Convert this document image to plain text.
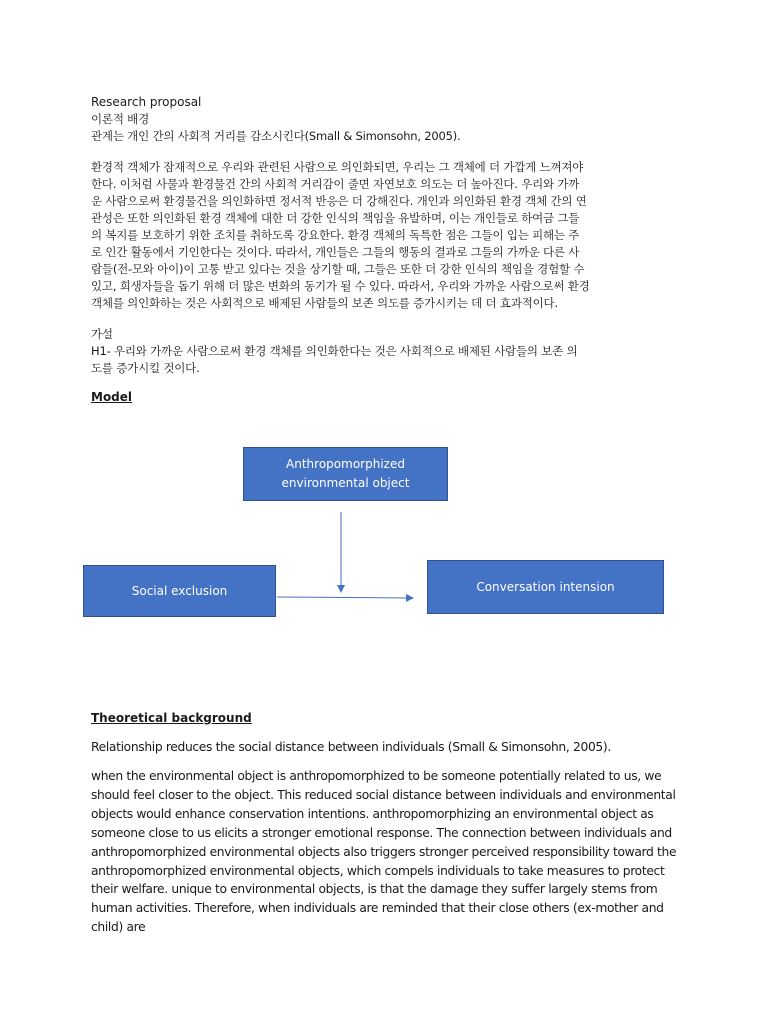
Research proposal

이론적 배경

관계는 개인 간의 사회적 거리를 감소시킨다(Small & Simonsohn, 2005).

환경적 객체가 잠재적으로 우리와 관련된 사람으로 의인화되면, 우리는 그 객체에 더 가깝게 느껴져야

한다. 이처럼 사물과 환경물건 간의 사회적 거리감이 줄면 자연보호 의도는 더 높아진다. 우리와 가까

운 사람으로써 환경물건을 의인화하면 정서적 반응은 더 강해진다. 개인과 의인화된 환경 객체 간의 연

관성은 또한 의인화된 환경 객체에 대한 더 강한 인식의 책임을 유발하며, 이는 개인들로 하여금 그들

의 복지를 보호하기 위한 조치를 취하도록 강요한다. 환경 객체의 독특한 점은 그들이 입는 피해는 주

로 인간 활동에서 기인한다는 것이다. 따라서, 개인들은 그들의 행동의 결과로 그들의 가까운 다른 사

람들(전-모와 아이)이 고통 받고 있다는 것을 상기할 때, 그들은 또한 더 강한 인식의 책임을 경험할 수

있고, 희생자들을 돕기 위해 더 많은 변화의 동기가 될 수 있다. 따라서, 우리와 가까운 사람으로써 환경

객체를 의인화하는 것은 사회적으로 배제된 사람들의 보존 의도를 증가시키는 데 더 효과적이다.

가설

H1- 우리와 가까운 사람으로써 환경 객체를 의인화한다는 것은 사회적으로 배제된 사람들의 보존 의

도를 증가시킬 것이다.

Model

Anthropomorphized environmental object
Social exclusion	Conversation intension

Theoretical background

Relationship reduces the social distance between individuals (Small & Simonsohn, 2005).

when the environmental object is anthropomorphized to be someone potentially related to us, we should feel closer to the object. This reduced social distance between individuals and environmental objects would enhance conservation intentions. anthropomorphizing an environmental object as someone close to us elicits a stronger emotional response. The connection between individuals and anthropomorphized environmental objects also triggers stronger perceived responsibility toward the anthropomorphized environmental objects, which compels individuals to take measures to protect their welfare. unique to environmental objects, is that the damage they suffer largely stems from human activities. Therefore, when individuals are reminded that their close others (ex-mother and child) are
